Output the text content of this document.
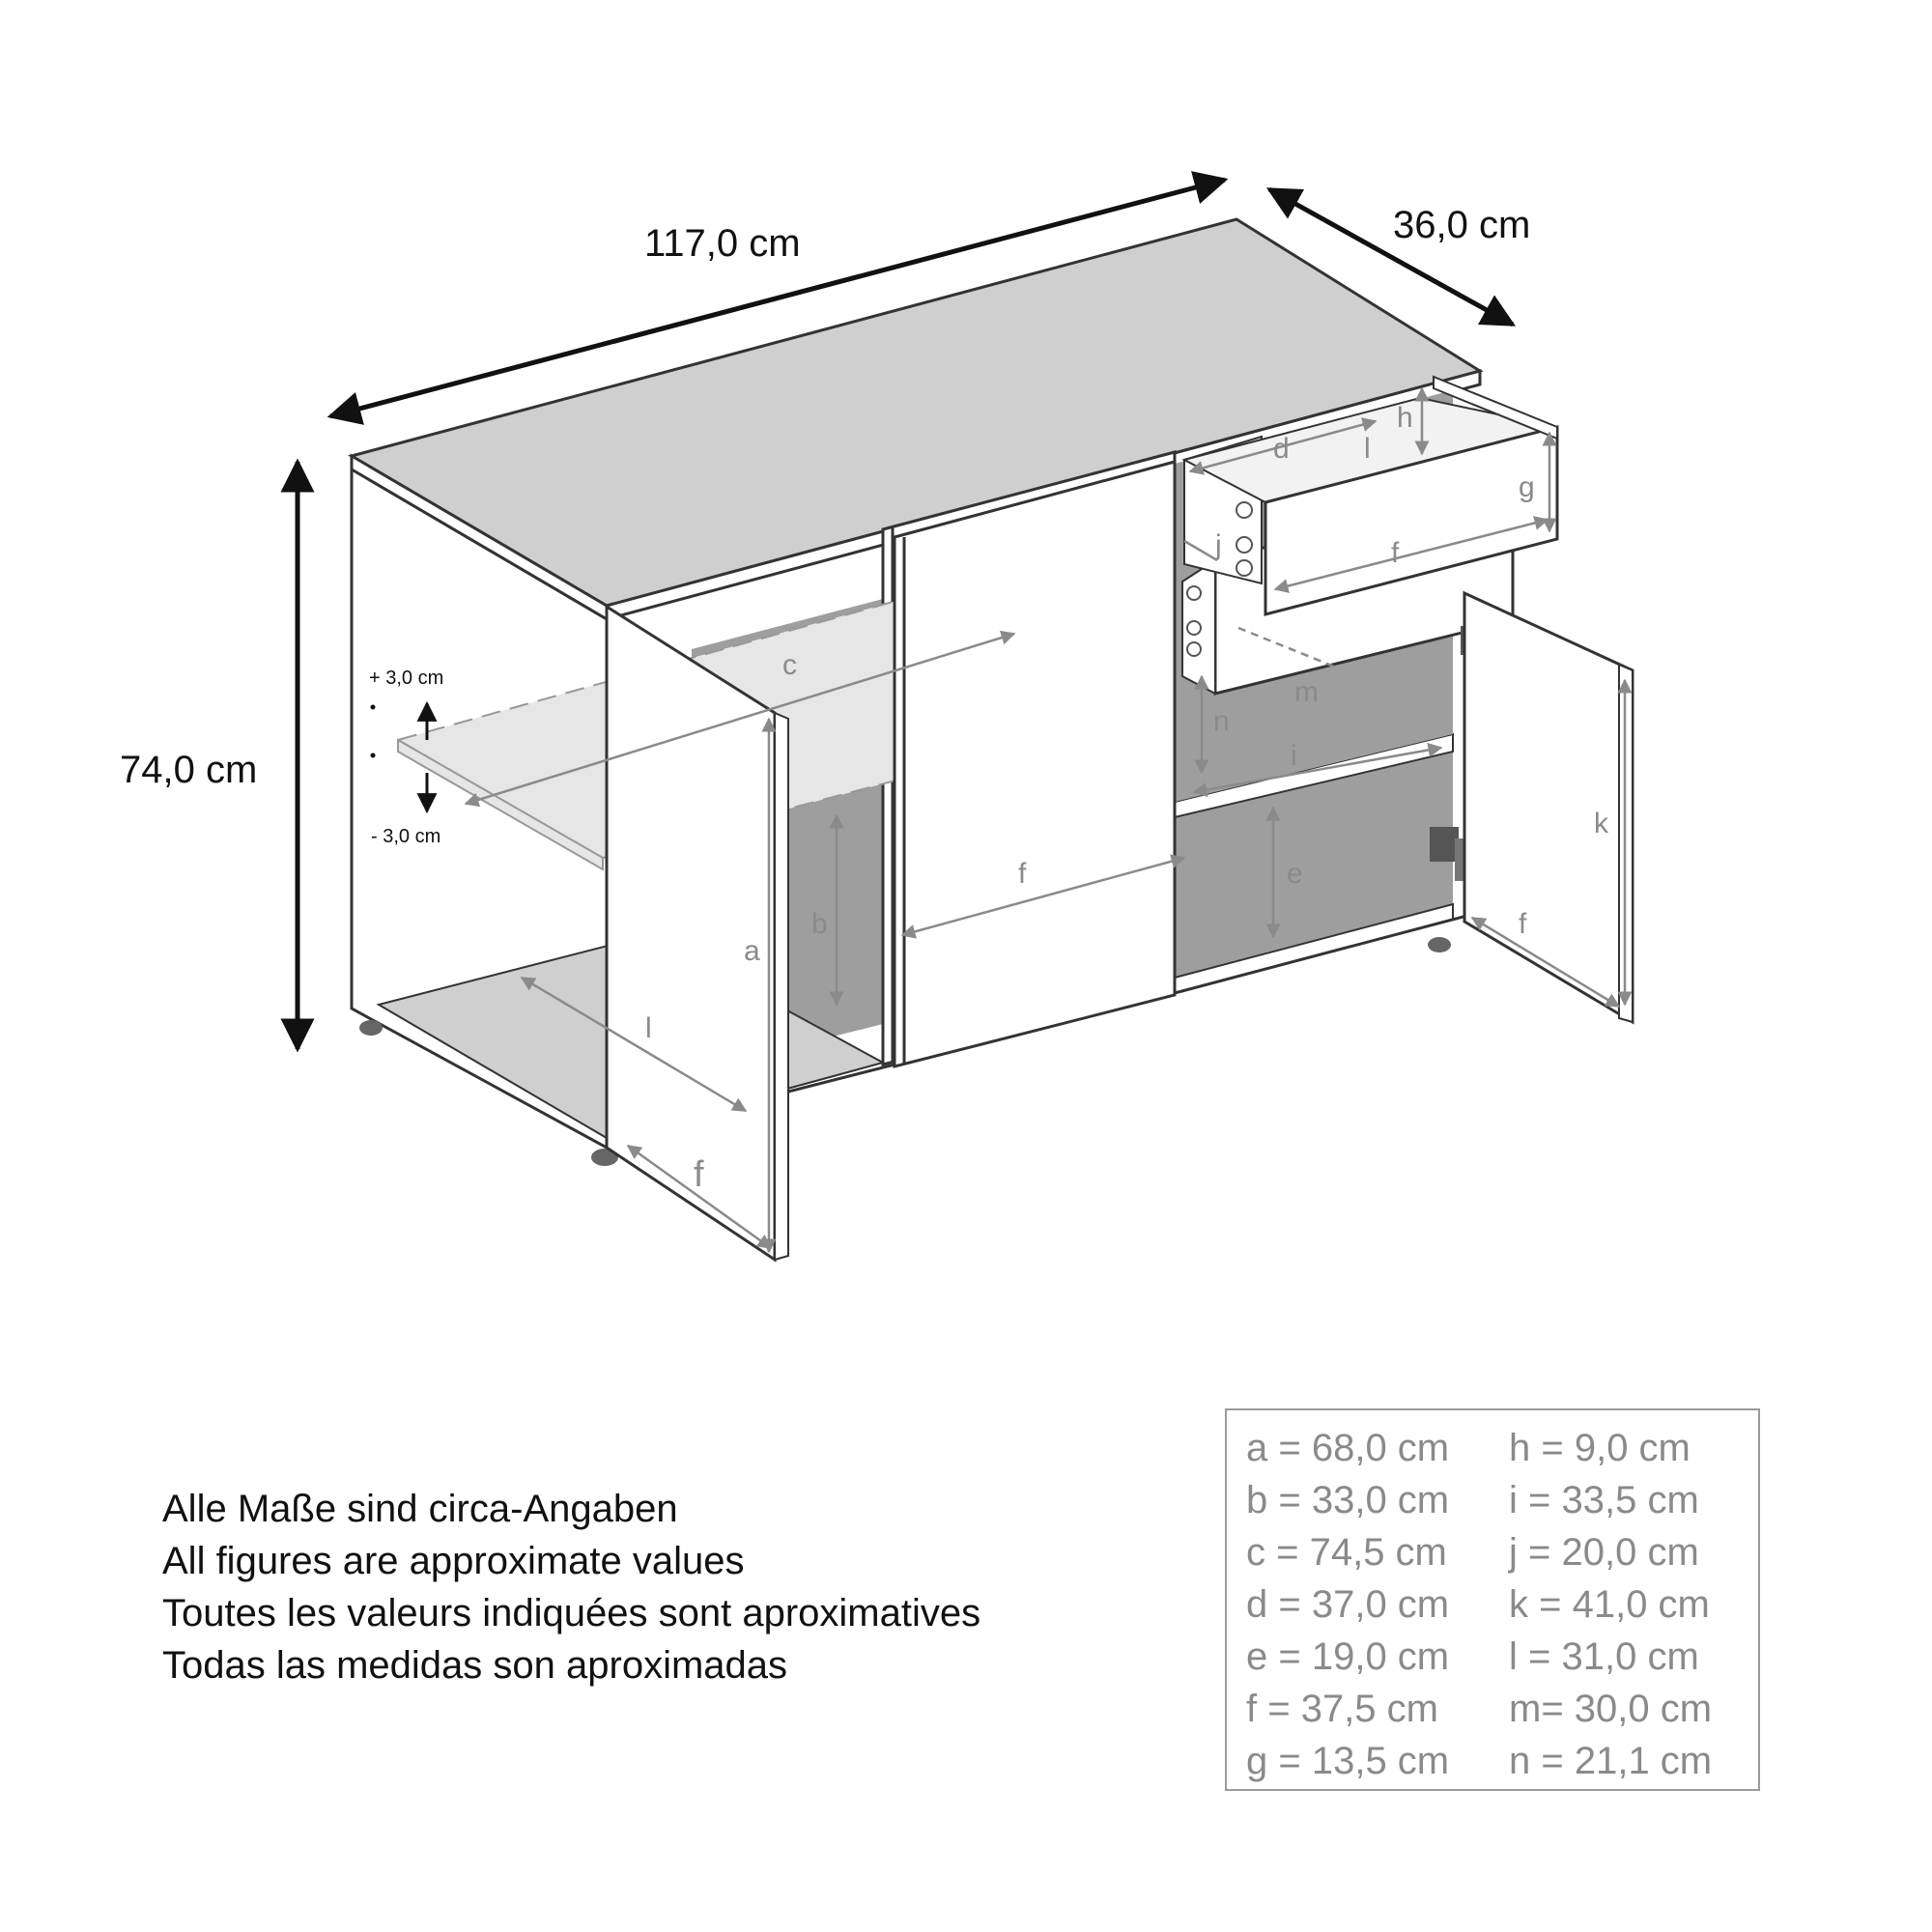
117,0 cm	36,0 cm
74,0 cm
+ 3,0 cm
- 3,0 cm
a
b
c
f
f
l
e
i
n
m
k
f
d	l
f
g
h
j
Alle Maße sind circa-Angaben
All figures are approximate values
Toutes les valeurs indiquées sont aproximatives
Todas las medidas son aproximadas
a = 68,0 cm	h = 9,0 cm
b = 33,0 cm	i = 33,5 cm
c = 74,5 cm	j = 20,0 cm
d = 37,0 cm	k = 41,0 cm
e = 19,0 cm	l = 31,0 cm
f = 37,5 cm	m= 30,0 cm
g = 13,5 cm	n = 21,1 cm
